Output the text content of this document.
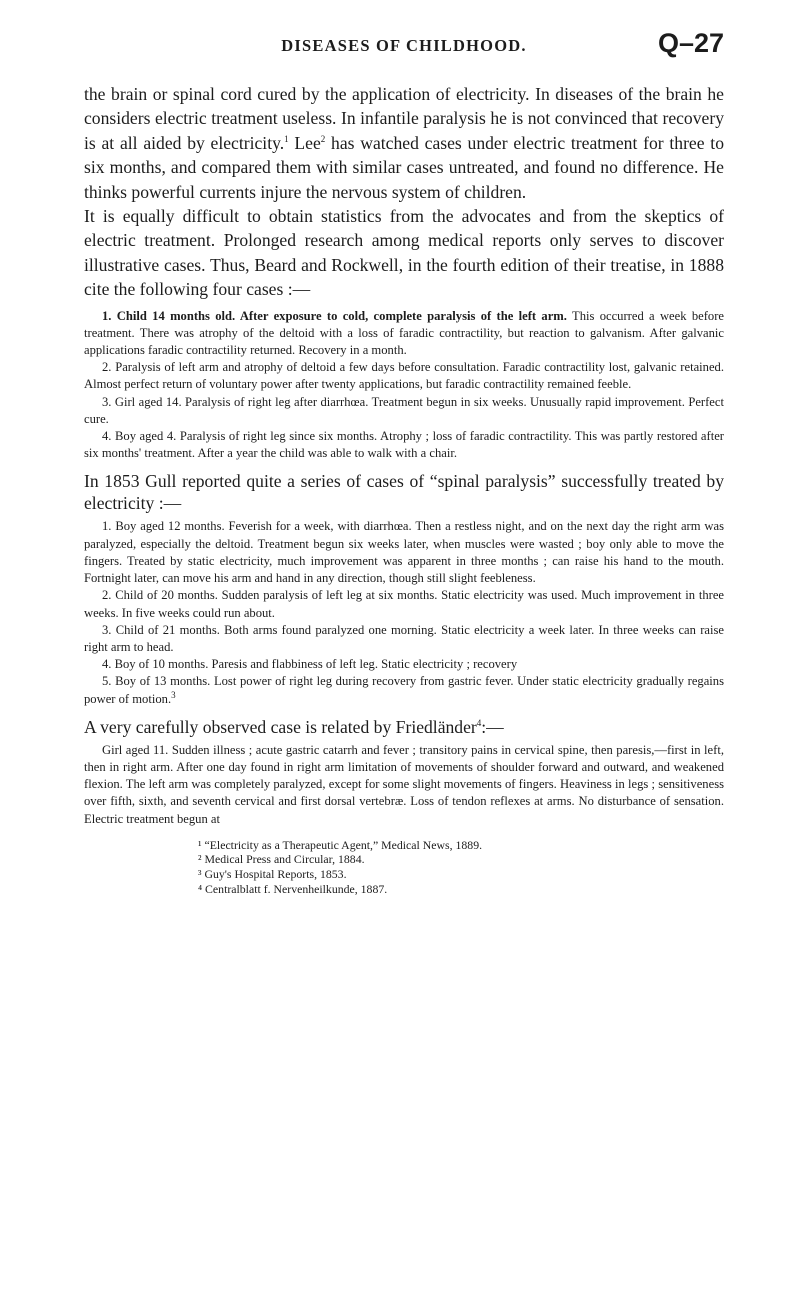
DISEASES OF CHILDHOOD.	Q–27

the brain or spinal cord cured by the application of electricity. In diseases of the brain he considers electric treatment useless. In infantile paralysis he is not convinced that recovery is at all aided by electricity.$^1$ Lee$^2$ has watched cases under electric treatment for three to six months, and compared them with similar cases untreated, and found no difference. He thinks powerful currents injure the nervous system of children.

It is equally difficult to obtain statistics from the advocates and from the skeptics of electric treatment. Prolonged research among medical reports only serves to discover illustrative cases. Thus, Beard and Rockwell, in the fourth edition of their treatise, in 1888 cite the following four cases :—

1. Child 14 months old. After exposure to cold, complete paralysis of the left arm. This occurred a week before treatment. There was atrophy of the deltoid with a loss of faradic contractility, but reaction to galvanism. After galvanic applications faradic contractility returned. Recovery in a month.

2. Paralysis of left arm and atrophy of deltoid a few days before consultation. Faradic contractility lost, galvanic retained. Almost perfect return of voluntary power after twenty applications, but faradic contractility remained feeble.

3. Girl aged 14. Paralysis of right leg after diarrhœa. Treatment begun in six weeks. Unusually rapid improvement. Perfect cure.

4. Boy aged 4. Paralysis of right leg since six months. Atrophy ; loss of faradic contractility. This was partly restored after six months' treatment. After a year the child was able to walk with a chair.

In 1853 Gull reported quite a series of cases of “spinal paralysis” successfully treated by electricity :—

1. Boy aged 12 months. Feverish for a week, with diarrhœa. Then a restless night, and on the next day the right arm was paralyzed, especially the deltoid. Treatment begun six weeks later, when muscles were wasted ; boy only able to move the fingers. Treated by static electricity, much improvement was apparent in three months ; can raise his hand to the mouth. Fortnight later, can move his arm and hand in any direction, though still slight feebleness.

2. Child of 20 months. Sudden paralysis of left leg at six months. Static electricity was used. Much improvement in three weeks. In five weeks could run about.

3. Child of 21 months. Both arms found paralyzed one morning. Static electricity a week later. In three weeks can raise right arm to head.

4. Boy of 10 months. Paresis and flabbiness of left leg. Static electricity ; recovery

5. Boy of 13 months. Lost power of right leg during recovery from gastric fever. Under static electricity gradually regains power of motion.$^3$

A very carefully observed case is related by Friedländer$^4$:—

Girl aged 11. Sudden illness ; acute gastric catarrh and fever ; transitory pains in cervical spine, then paresis,—first in left, then in right arm. After one day found in right arm limitation of movements of shoulder forward and outward, and weakened flexion. The left arm was completely paralyzed, except for some slight movements of fingers. Heaviness in legs ; sensitiveness over fifth, sixth, and seventh cervical and first dorsal vertebræ. Loss of tendon reflexes at arms. No disturbance of sensation. Electric treatment begun at

¹ “Electricity as a Therapeutic Agent,” Medical News, 1889.
² Medical Press and Circular, 1884.
³ Guy's Hospital Reports, 1853.
⁴ Centralblatt f. Nervenheilkunde, 1887.
